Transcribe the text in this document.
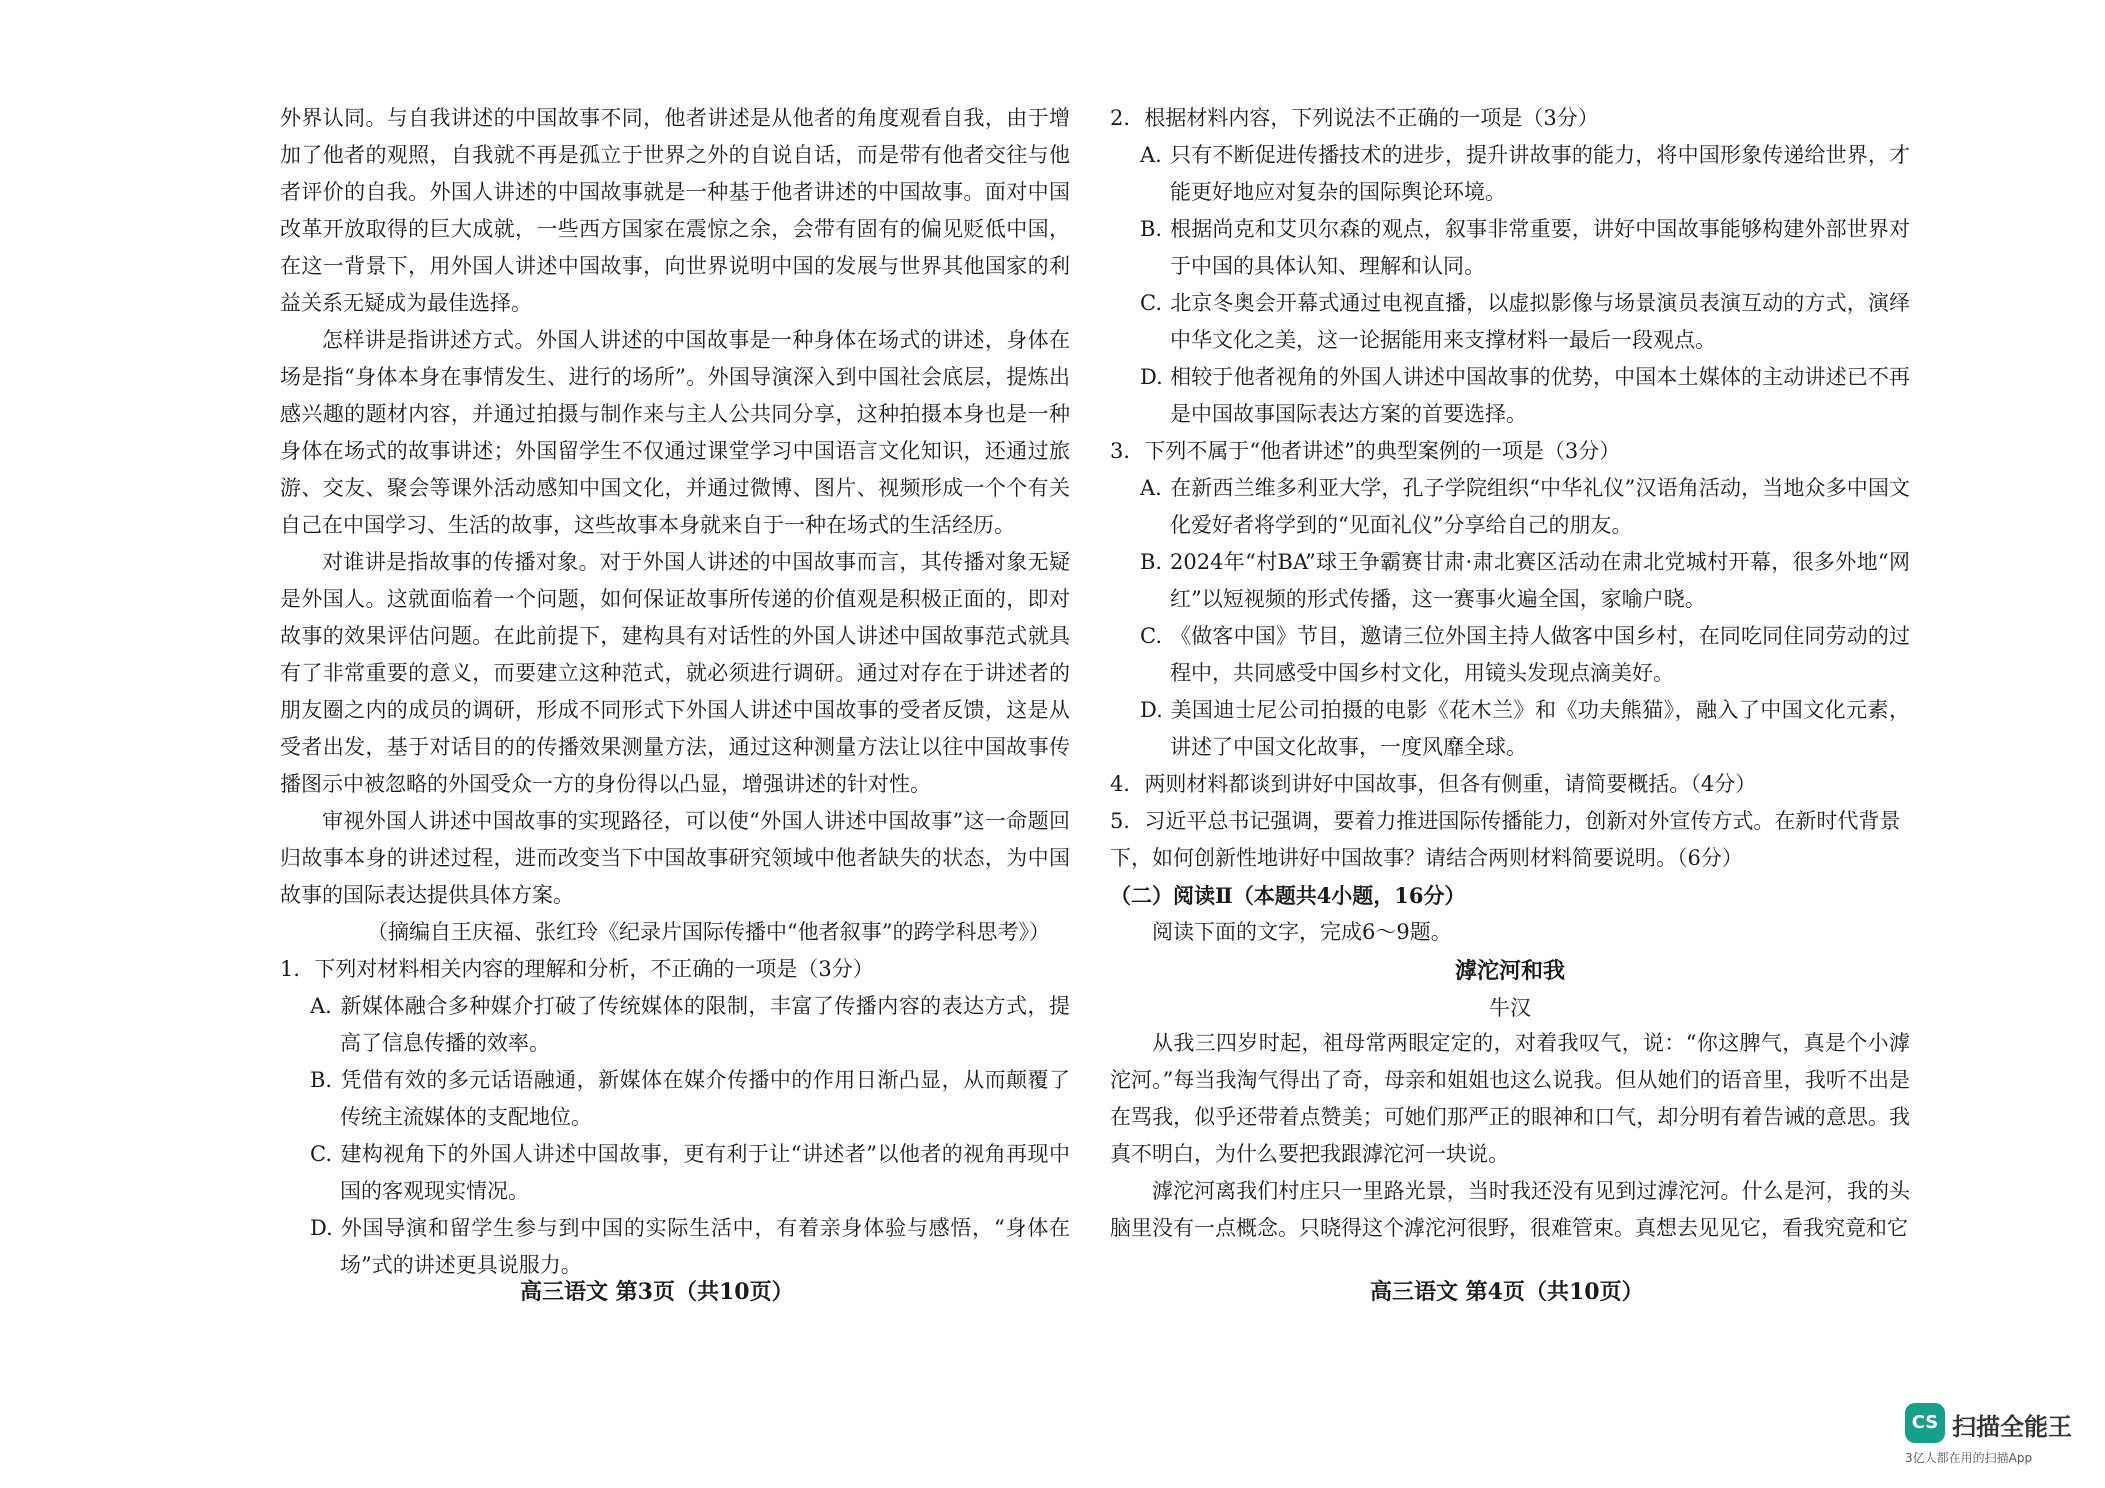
外界认同。与自我讲述的中国故事不同，他者讲述是从他者的角度观看自我，由于增加了他者的观照，自我就不再是孤立于世界之外的自说自话，而是带有他者交往与他者评价的自我。外国人讲述的中国故事就是一种基于他者讲述的中国故事。面对中国改革开放取得的巨大成就，一些西方国家在震惊之余，会带有固有的偏见贬低中国，在这一背景下，用外国人讲述中国故事，向世界说明中国的发展与世界其他国家的利益关系无疑成为最佳选择。

怎样讲是指讲述方式。外国人讲述的中国故事是一种身体在场式的讲述，身体在场是指“身体本身在事情发生、进行的场所”。外国导演深入到中国社会底层，提炼出感兴趣的题材内容，并通过拍摄与制作来与主人公共同分享，这种拍摄本身也是一种身体在场式的故事讲述；外国留学生不仅通过课堂学习中国语言文化知识，还通过旅游、交友、聚会等课外活动感知中国文化，并通过微博、图片、视频形成一个个有关自己在中国学习、生活的故事，这些故事本身就来自于一种在场式的生活经历。

对谁讲是指故事的传播对象。对于外国人讲述的中国故事而言，其传播对象无疑是外国人。这就面临着一个问题，如何保证故事所传递的价值观是积极正面的，即对故事的效果评估问题。在此前提下，建构具有对话性的外国人讲述中国故事范式就具有了非常重要的意义，而要建立这种范式，就必须进行调研。通过对存在于讲述者的朋友圈之内的成员的调研，形成不同形式下外国人讲述中国故事的受者反馈，这是从受者出发，基于对话目的的传播效果测量方法，通过这种测量方法让以往中国故事传播图示中被忽略的外国受众一方的身份得以凸显，增强讲述的针对性。

审视外国人讲述中国故事的实现路径，可以使“外国人讲述中国故事”这一命题回归故事本身的讲述过程，进而改变当下中国故事研究领域中他者缺失的状态，为中国故事的国际表达提供具体方案。

（摘编自王庆福、张红玲《纪录片国际传播中“他者叙事”的跨学科思考》）

1．下列对材料相关内容的理解和分析，不正确的一项是（3分）

A. 新媒体融合多种媒介打破了传统媒体的限制，丰富了传播内容的表达方式，提高了信息传播的效率。

B. 凭借有效的多元话语融通，新媒体在媒介传播中的作用日渐凸显，从而颠覆了传统主流媒体的支配地位。

C. 建构视角下的外国人讲述中国故事，更有利于让“讲述者”以他者的视角再现中国的客观现实情况。

D. 外国导演和留学生参与到中国的实际生活中，有着亲身体验与感悟，“身体在场”式的讲述更具说服力。

2．根据材料内容，下列说法不正确的一项是（3分）

A. 只有不断促进传播技术的进步，提升讲故事的能力，将中国形象传递给世界，才能更好地应对复杂的国际舆论环境。

B. 根据尚克和艾贝尔森的观点，叙事非常重要，讲好中国故事能够构建外部世界对于中国的具体认知、理解和认同。

C. 北京冬奥会开幕式通过电视直播，以虚拟影像与场景演员表演互动的方式，演绎中华文化之美，这一论据能用来支撑材料一最后一段观点。

D. 相较于他者视角的外国人讲述中国故事的优势，中国本土媒体的主动讲述已不再是中国故事国际表达方案的首要选择。

3．下列不属于“他者讲述”的典型案例的一项是（3分）

A. 在新西兰维多利亚大学，孔子学院组织“中华礼仪”汉语角活动，当地众多中国文化爱好者将学到的“见面礼仪”分享给自己的朋友。

B. 2024年“村BA”球王争霸赛甘肃·肃北赛区活动在肃北党城村开幕，很多外地“网红”以短视频的形式传播，这一赛事火遍全国，家喻户晓。

C. 《做客中国》节目，邀请三位外国主持人做客中国乡村，在同吃同住同劳动的过程中，共同感受中国乡村文化，用镜头发现点滴美好。

D. 美国迪士尼公司拍摄的电影《花木兰》和《功夫熊猫》，融入了中国文化元素，讲述了中国文化故事，一度风靡全球。

4．两则材料都谈到讲好中国故事，但各有侧重，请简要概括。（4分）

5．习近平总书记强调，要着力推进国际传播能力，创新对外宣传方式。在新时代背景下，如何创新性地讲好中国故事？请结合两则材料简要说明。（6分）

（二）阅读Ⅱ（本题共4小题，16分）

阅读下面的文字，完成6～9题。

滹沱河和我

牛汉

从我三四岁时起，祖母常两眼定定的，对着我叹气，说：“你这脾气，真是个小滹沱河。”每当我淘气得出了奇，母亲和姐姐也这么说我。但从她们的语音里，我听不出是在骂我，似乎还带着点赞美；可她们那严正的眼神和口气，却分明有着告诫的意思。我真不明白，为什么要把我跟滹沱河一块说。

滹沱河离我们村庄只一里路光景，当时我还没有见到过滹沱河。什么是河，我的头脑里没有一点概念。只晓得这个滹沱河很野，很难管束。真想去见见它，看我究竟和它

高三语文 第3页（共10页）	高三语文 第4页（共10页）
CS 扫描全能王
3亿人都在用的扫描App
